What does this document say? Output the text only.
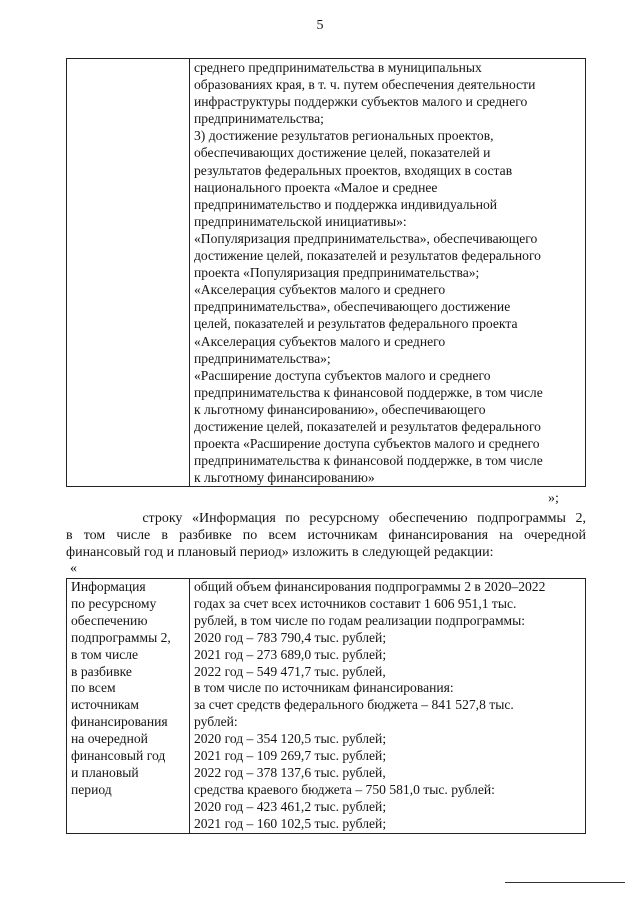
5

среднего предпринимательства в муниципальных
образованиях края, в т. ч. путем обеспечения деятельности
инфраструктуры поддержки субъектов малого и среднего
предпринимательства;
3) достижение результатов региональных проектов,
обеспечивающих достижение целей, показателей и
результатов федеральных проектов, входящих в состав
национального проекта «Малое и среднее
предпринимательство и поддержка индивидуальной
предпринимательской инициативы»:
«Популяризация предпринимательства», обеспечивающего
достижение целей, показателей и результатов федерального
проекта «Популяризация предпринимательства»;
«Акселерация субъектов малого и среднего
предпринимательства», обеспечивающего достижение
целей, показателей и результатов федерального проекта
«Акселерация субъектов малого и среднего
предпринимательства»;
«Расширение доступа субъектов малого и среднего
предпринимательства к финансовой поддержке, в том числе
к льготному финансированию», обеспечивающего
достижение целей, показателей и результатов федерального
проекта «Расширение доступа субъектов малого и среднего
предпринимательства к финансовой поддержке, в том числе
к льготному финансированию»
»;
строку «Информация по ресурсному обеспечению подпрограммы 2,
в том числе в разбивке по всем источникам финансирования на очередной
финансовый год и плановый период» изложить в следующей редакции:
«
Информация
по ресурсному
обеспечению
подпрограммы 2,
в том числе
в разбивке
по всем
источникам
финансирования
на очередной
финансовый год
и плановый
период

общий объем финансирования подпрограммы 2 в 2020–2022
годах за счет всех источников составит 1 606 951,1 тыс.
рублей, в том числе по годам реализации подпрограммы:
2020 год – 783 790,4 тыс. рублей;
2021 год – 273 689,0 тыс. рублей;
2022 год – 549 471,7 тыс. рублей,
в том числе по источникам финансирования:
за счет средств федерального бюджета – 841 527,8 тыс.
рублей:
2020 год – 354 120,5 тыс. рублей;
2021 год – 109 269,7 тыс. рублей;
2022 год – 378 137,6 тыс. рублей,
средства краевого бюджета – 750 581,0 тыс. рублей:
2020 год – 423 461,2 тыс. рублей;
2021 год – 160 102,5 тыс. рублей;
